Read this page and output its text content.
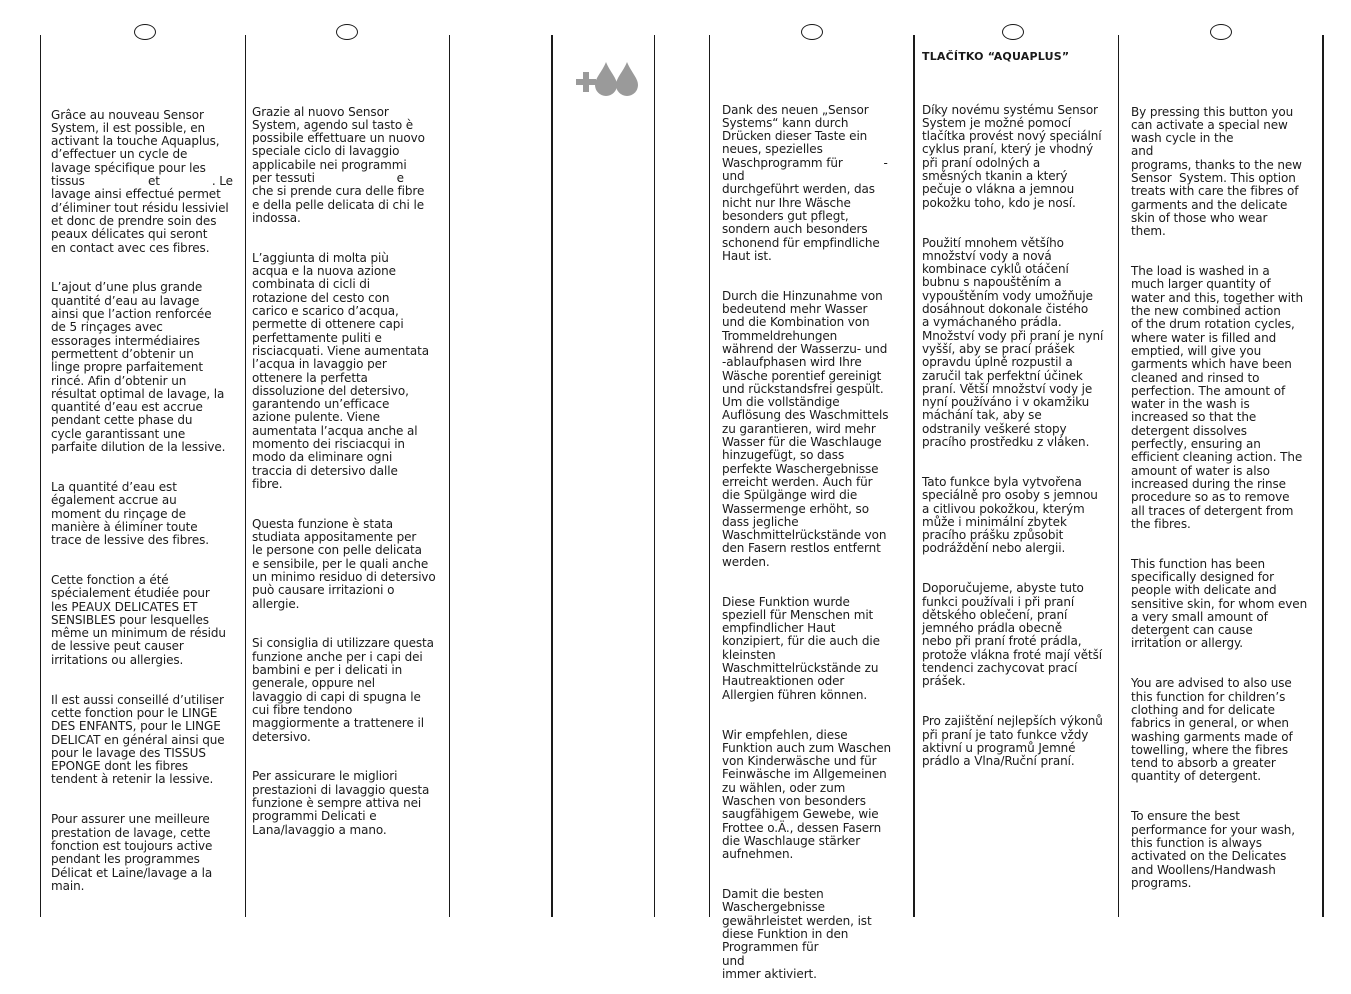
Grâce au nouveau Sensor
System, il est possible, en
activant la touche Aquaplus,
d’effectuer un cycle de
lavage spécifique pour les
tissus                 et              . Le
lavage ainsi effectué permet
d’éliminer tout résidu lessiviel
et donc de prendre soin des
peaux délicates qui seront
en contact avec ces fibres.

L’ajout d’une plus grande
quantité d’eau au lavage
ainsi que l’action renforcée
de 5 rinçages avec
essorages intermédiaires
permettent d’obtenir un
linge propre parfaitement
rincé. Afin d’obtenir un
résultat optimal de lavage, la
quantité d’eau est accrue
pendant cette phase du
cycle garantissant une
parfaite dilution de la lessive.

La quantité d’eau est
également accrue au
moment du rinçage de
manière à éliminer toute
trace de lessive des fibres.

Cette fonction a été
spécialement étudiée pour
les PEAUX DELICATES ET
SENSIBLES pour lesquelles
même un minimum de résidu
de lessive peut causer
irritations ou allergies.

Il est aussi conseillé d’utiliser
cette fonction pour le LINGE
DES ENFANTS, pour le LINGE
DELICAT en général ainsi que
pour le lavage des TISSUS
EPONGE dont les fibres
tendent à retenir la lessive.

Pour assurer une meilleure
prestation de lavage, cette
fonction est toujours active
pendant les programmes
Délicat et Laine/lavage a la
main.

Grazie al nuovo Sensor
System, agendo sul tasto è
possibile effettuare un nuovo
speciale ciclo di lavaggio
applicabile nei programmi
per tessuti                      e
che si prende cura delle fibre
e della pelle delicata di chi le
indossa.

L’aggiunta di molta più
acqua e la nuova azione
combinata di cicli di
rotazione del cesto con
carico e scarico d’acqua,
permette di ottenere capi
perfettamente puliti e
risciacquati. Viene aumentata
l’acqua in lavaggio per
ottenere la perfetta
dissoluzione del detersivo,
garantendo un’efficace
azione pulente. Viene
aumentata l’acqua anche al
momento dei risciacqui in
modo da eliminare ogni
traccia di detersivo dalle
fibre.

Questa funzione è stata
studiata appositamente per
le persone con pelle delicata
e sensibile, per le quali anche
un minimo residuo di detersivo
può causare irritazioni o
allergie.

Si consiglia di utilizzare questa
funzione anche per i capi dei
bambini e per i delicati in
generale, oppure nel
lavaggio di capi di spugna le
cui fibre tendono
maggiormente a trattenere il
detersivo.

Per assicurare le migliori
prestazioni di lavaggio questa
funzione è sempre attiva nei
programmi Delicati e
Lana/lavaggio a mano.

Dank des neuen „Sensor
Systems“ kann durch
Drücken dieser Taste ein
neues, spezielles
Waschprogramm für           -
und
durchgeführt werden, das
nicht nur Ihre Wäsche
besonders gut pflegt,
sondern auch besonders
schonend für empfindliche
Haut ist.

Durch die Hinzunahme von
bedeutend mehr Wasser
und die Kombination von
Trommeldrehungen
während der Wasserzu- und
-ablaufphasen wird Ihre
Wäsche porentief gereinigt
und rückstandsfrei gespült.
Um die vollständige
Auflösung des Waschmittels
zu garantieren, wird mehr
Wasser für die Waschlauge
hinzugefügt, so dass
perfekte Waschergebnisse
erreicht werden. Auch für
die Spülgänge wird die
Wassermenge erhöht, so
dass jegliche
Waschmittelrückstände von
den Fasern restlos entfernt
werden.

Diese Funktion wurde
speziell für Menschen mit
empfindlicher Haut
konzipiert, für die auch die
kleinsten
Waschmittelrückstände zu
Hautreaktionen oder
Allergien führen können.

Wir empfehlen, diese
Funktion auch zum Waschen
von Kinderwäsche und für
Feinwäsche im Allgemeinen
zu wählen, oder zum
Waschen von besonders
saugfähigem Gewebe, wie
Frottee o.Ä., dessen Fasern
die Waschlauge stärker
aufnehmen.

Damit die besten
Waschergebnisse
gewährleistet werden, ist
diese Funktion in den
Programmen für
und
immer aktiviert.

TLAČÍTKO “AQUAPLUS”

Díky novému systému Sensor
System je možné pomocí
tlačítka provést nový speciální
cyklus praní, který je vhodný
při praní odolných a
směsných tkanin a který
pečuje o vlákna a jemnou
pokožku toho, kdo je nosí.

Použití mnohem většího
množství vody a nová
kombinace cyklů otáčení
bubnu s napouštěním a
vypouštěním vody umožňuje
dosáhnout dokonale čistého
a vymáchaného prádla.
Množství vody při praní je nyní
vyšší, aby se prací prášek
opravdu úplně rozpustil a
zaručil tak perfektní účinek
praní. Větší množství vody je
nyní používáno i v okamžiku
máchání tak, aby se
odstranily veškeré stopy
pracího prostředku z vláken.

Tato funkce byla vytvořena
speciálně pro osoby s jemnou
a citlivou pokožkou, kterým
může i minimální zbytek
pracího prášku způsobit
podráždění nebo alergii.

Doporučujeme, abyste tuto
funkci používali i při praní
dětského oblečení, praní
jemného prádla obecně
nebo při praní froté prádla,
protože vlákna froté mají větší
tendenci zachycovat prací
prášek.

Pro zajištění nejlepších výkonů
při praní je tato funkce vždy
aktivní u programů Jemné
prádlo a Vlna/Ruční praní.

By pressing this button you
can activate a special new
wash cycle in the
and
programs, thanks to the new
Sensor  System. This option
treats with care the fibres of
garments and the delicate
skin of those who wear
them.

The load is washed in a
much larger quantity of
water and this, together with
the new combined action
of the drum rotation cycles,
where water is filled and
emptied, will give you
garments which have been
cleaned and rinsed to
perfection. The amount of
water in the wash is
increased so that the
detergent dissolves
perfectly, ensuring an
efficient cleaning action. The
amount of water is also
increased during the rinse
procedure so as to remove
all traces of detergent from
the fibres.

This function has been
specifically designed for
people with delicate and
sensitive skin, for whom even
a very small amount of
detergent can cause
irritation or allergy.

You are advised to also use
this function for children’s
clothing and for delicate
fabrics in general, or when
washing garments made of
towelling, where the fibres
tend to absorb a greater
quantity of detergent.

To ensure the best
performance for your wash,
this function is always
activated on the Delicates
and Woollens/Handwash
programs.
